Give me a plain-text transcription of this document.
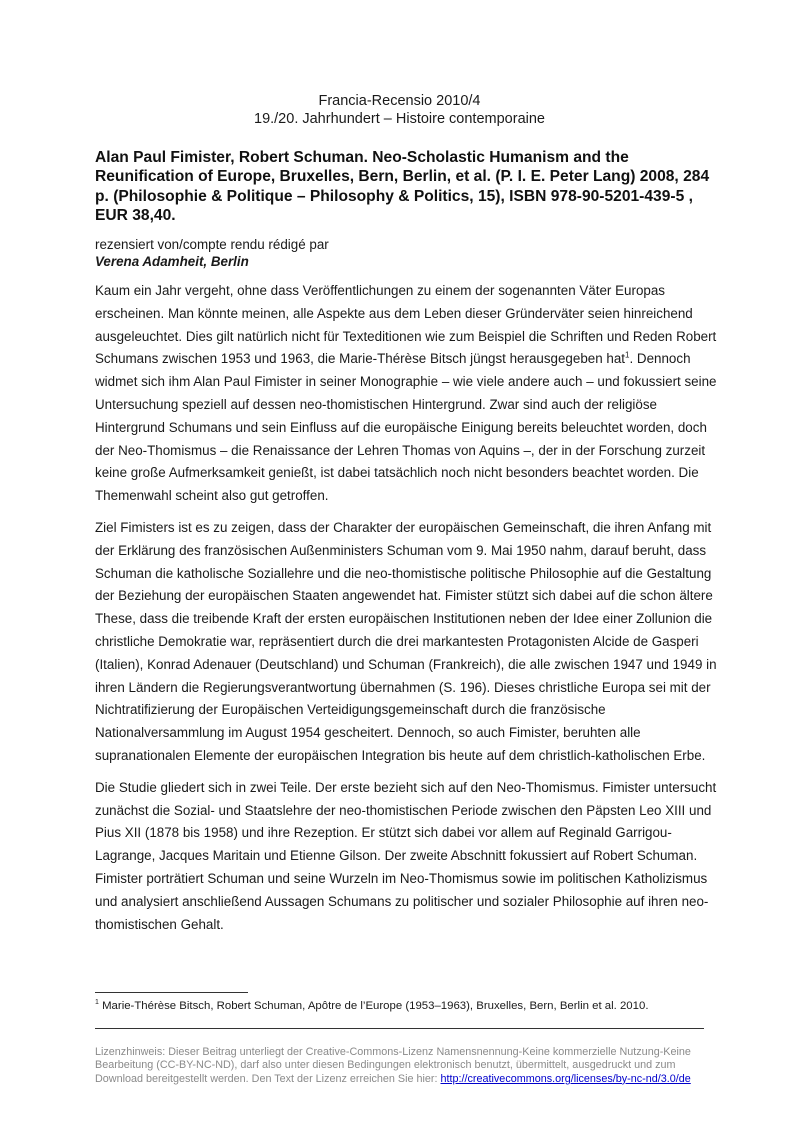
Francia-Recensio 2010/4
19./20. Jahrhundert – Histoire contemporaine
Alan Paul Fimister, Robert Schuman. Neo-Scholastic Humanism and the Reunification of Europe, Bruxelles, Bern, Berlin, et al. (P. I. E. Peter Lang) 2008, 284 p. (Philosophie & Politique – Philosophy & Politics, 15), ISBN 978-90-5201-439-5 , EUR 38,40.
rezensiert von/compte rendu rédigé par
Verena Adamheit, Berlin

Kaum ein Jahr vergeht, ohne dass Veröffentlichungen zu einem der sogenannten Väter Europas erscheinen. Man könnte meinen, alle Aspekte aus dem Leben dieser Gründerväter seien hinreichend ausgeleuchtet. Dies gilt natürlich nicht für Texteditionen wie zum Beispiel die Schriften und Reden Robert Schumans zwischen 1953 und 1963, die Marie-Thérèse Bitsch jüngst herausgegeben hat$^1$. Dennoch widmet sich ihm Alan Paul Fimister in seiner Monographie – wie viele andere auch – und fokussiert seine Untersuchung speziell auf dessen neo-thomistischen Hintergrund. Zwar sind auch der religiöse Hintergrund Schumans und sein Einfluss auf die europäische Einigung bereits beleuchtet worden, doch der Neo-Thomismus – die Renaissance der Lehren Thomas von Aquins –, der in der Forschung zurzeit keine große Aufmerksamkeit genießt, ist dabei tatsächlich noch nicht besonders beachtet worden. Die Themenwahl scheint also gut getroffen.

Ziel Fimisters ist es zu zeigen, dass der Charakter der europäischen Gemeinschaft, die ihren Anfang mit der Erklärung des französischen Außenministers Schuman vom 9. Mai 1950 nahm, darauf beruht, dass Schuman die katholische Soziallehre und die neo-thomistische politische Philosophie auf die Gestaltung der Beziehung der europäischen Staaten angewendet hat. Fimister stützt sich dabei auf die schon ältere These, dass die treibende Kraft der ersten europäischen Institutionen neben der Idee einer Zollunion die christliche Demokratie war, repräsentiert durch die drei markantesten Protagonisten Alcide de Gasperi (Italien), Konrad Adenauer (Deutschland) und Schuman (Frankreich), die alle zwischen 1947 und 1949 in ihren Ländern die Regierungsverantwortung übernahmen (S. 196). Dieses christliche Europa sei mit der Nichtratifizierung der Europäischen Verteidigungsgemeinschaft durch die französische Nationalversammlung im August 1954 gescheitert. Dennoch, so auch Fimister, beruhten alle supranationalen Elemente der europäischen Integration bis heute auf dem christlich-katholischen Erbe.

Die Studie gliedert sich in zwei Teile. Der erste bezieht sich auf den Neo-Thomismus. Fimister untersucht zunächst die Sozial- und Staatslehre der neo-thomistischen Periode zwischen den Päpsten Leo XIII und Pius XII (1878 bis 1958) und ihre Rezeption. Er stützt sich dabei vor allem auf Reginald Garrigou-Lagrange, Jacques Maritain und Etienne Gilson. Der zweite Abschnitt fokussiert auf Robert Schuman. Fimister porträtiert Schuman und seine Wurzeln im Neo-Thomismus sowie im politischen Katholizismus und analysiert anschließend Aussagen Schumans zu politischer und sozialer Philosophie auf ihren neo-thomistischen Gehalt.

$^1$ Marie-Thérèse Bitsch, Robert Schuman, Apôtre de l’Europe (1953–1963), Bruxelles, Bern, Berlin et al. 2010.
Lizenzhinweis: Dieser Beitrag unterliegt der Creative-Commons-Lizenz Namensnennung-Keine kommerzielle Nutzung-Keine Bearbeitung (CC-BY-NC-ND), darf also unter diesen Bedingungen elektronisch benutzt, übermittelt, ausgedruckt und zum Download bereitgestellt werden. Den Text der Lizenz erreichen Sie hier: http://creativecommons.org/licenses/by-nc-nd/3.0/de
